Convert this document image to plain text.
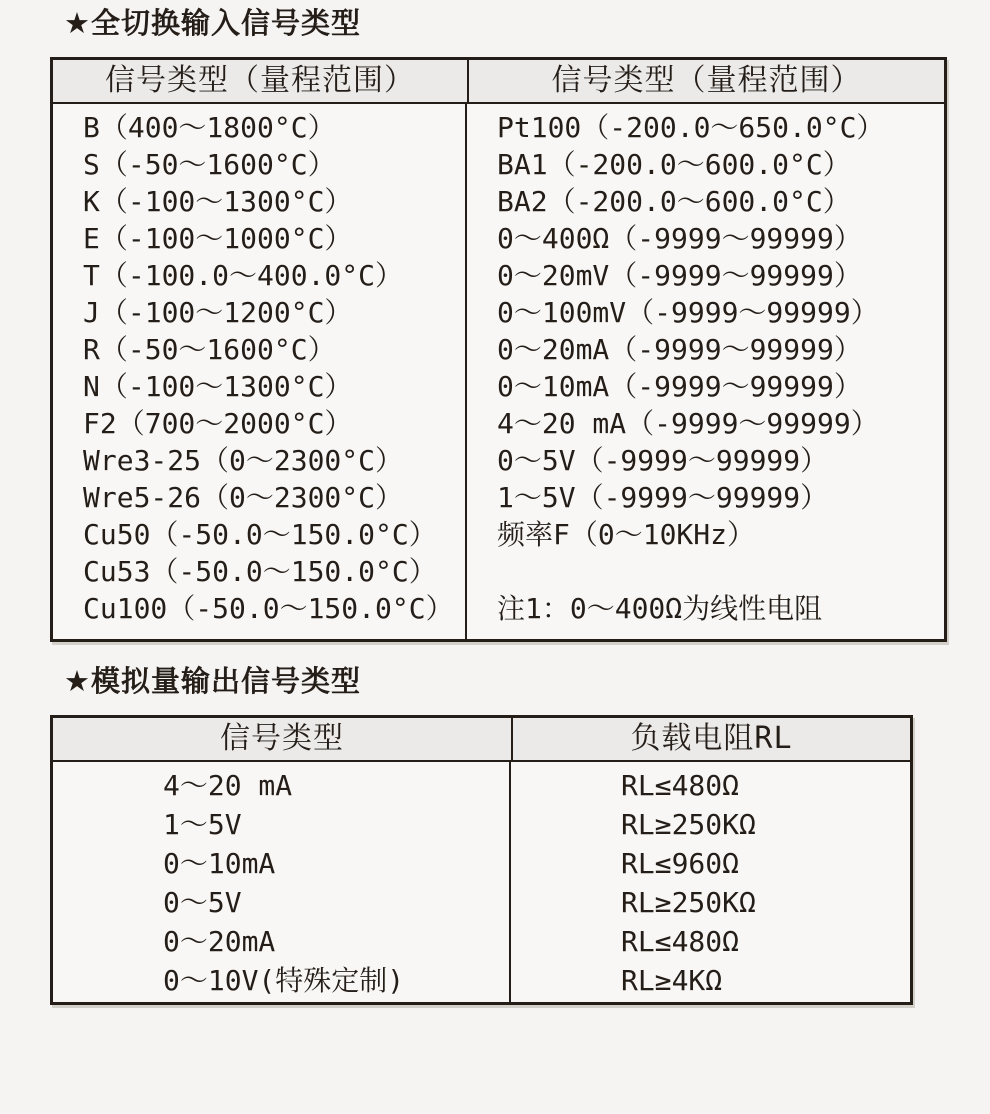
★全切换输入信号类型
信号类型（量程范围）	信号类型（量程范围）
B（400～1800°C）
S（-50～1600°C）
K（-100～1300°C）
E（-100～1000°C）
T（-100.0～400.0°C）
J（-100～1200°C）
R（-50～1600°C）
N（-100～1300°C）
F2（700～2000°C）
Wre3-25（0～2300°C）
Wre5-26（0～2300°C）
Cu50（-50.0～150.0°C）
Cu53（-50.0～150.0°C）
Cu100（-50.0～150.0°C）
Pt100（-200.0～650.0°C）
BA1（-200.0～600.0°C）
BA2（-200.0～600.0°C）
0～400Ω（-9999～99999）
0～20mV（-9999～99999）
0～100mV（-9999～99999）
0～20mA（-9999～99999）
0～10mA（-9999～99999）
4～20 mA（-9999～99999）
0～5V（-9999～99999）
1～5V（-9999～99999）
频率F（0～10KHz）
注1：0～400Ω为线性电阻
★模拟量输出信号类型
信号类型	负载电阻RL
4～20 mA
1～5V
0～10mA
0～5V
0～20mA
0～10V(特殊定制)
RL≤480Ω
RL≥250KΩ
RL≤960Ω
RL≥250KΩ
RL≤480Ω
RL≥4KΩ
